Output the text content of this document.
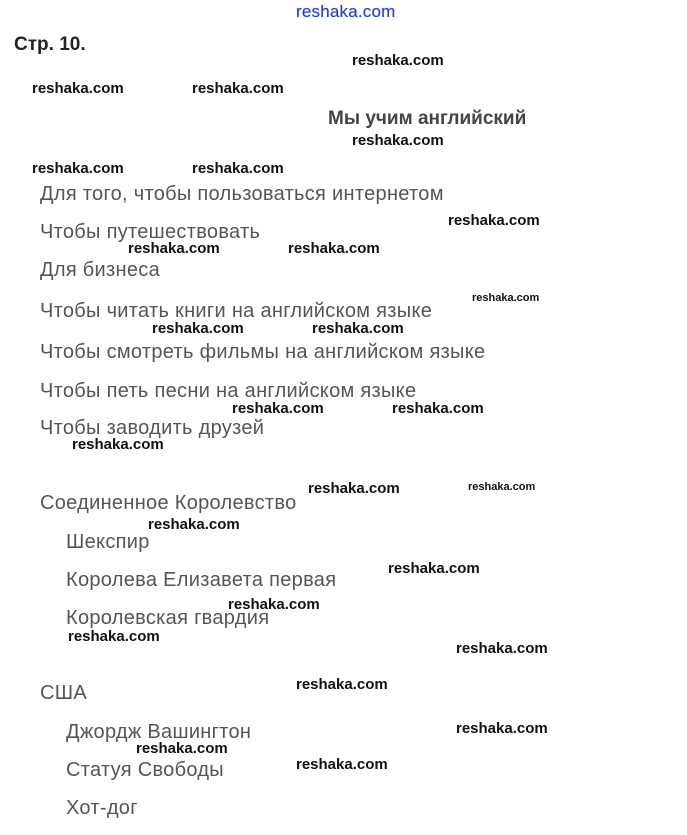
reshaka.com
Стр. 10.
Мы учим английский
Для того, чтобы пользоваться интернетом
Чтобы путешествовать
Для бизнеса
Чтобы читать книги на английском языке
Чтобы смотреть фильмы на английском языке
Чтобы петь песни на английском языке
Чтобы заводить друзей
Соединенное Королевство
Шекспир
Королева Елизавета первая
Королевская гвардия
США
Джордж Вашингтон
Статуя Свободы
Хот-дог
reshaka.com
reshaka.com	reshaka.com
reshaka.com
reshaka.com	reshaka.com
reshaka.com
reshaka.com	reshaka.com
reshaka.com
reshaka.com	reshaka.com
reshaka.com	reshaka.com
reshaka.com
reshaka.com	reshaka.com
reshaka.com
reshaka.com
reshaka.com
reshaka.com
reshaka.com
reshaka.com
reshaka.com
reshaka.com
reshaka.com
